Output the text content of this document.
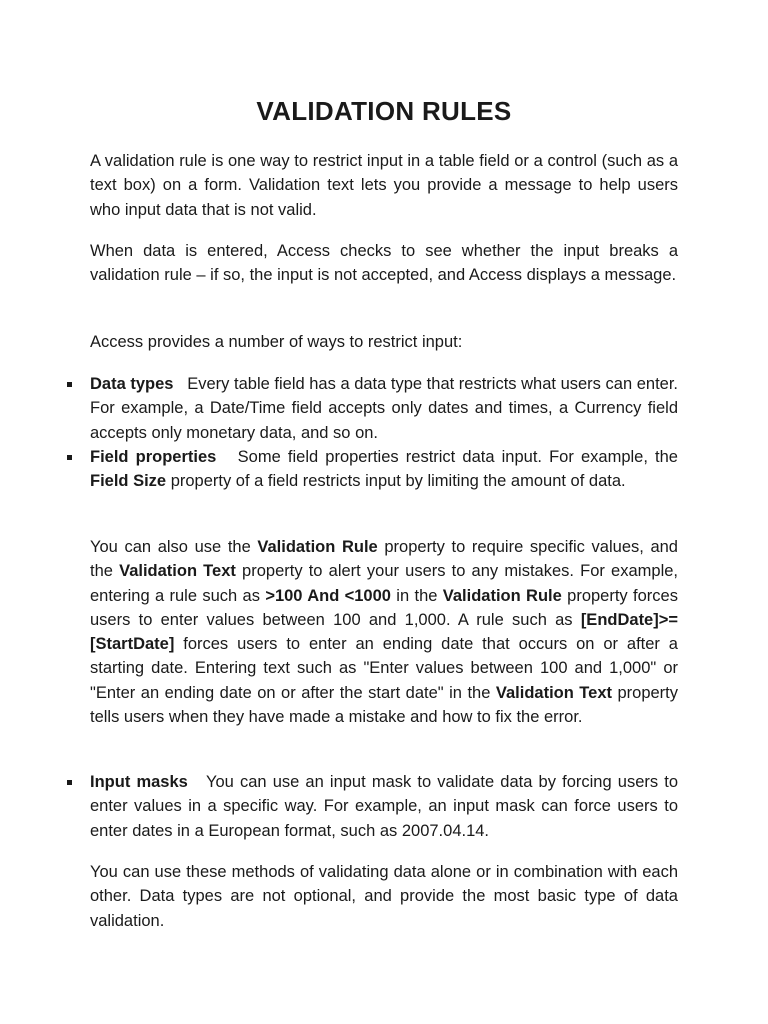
VALIDATION RULES

A validation rule is one way to restrict input in a table field or a control (such as a text box) on a form. Validation text lets you provide a message to help users who input data that is not valid.

When data is entered, Access checks to see whether the input breaks a validation rule – if so, the input is not accepted, and Access displays a message.

Access provides a number of ways to restrict input:

Data types Every table field has a data type that restricts what users can enter. For example, a Date/Time field accepts only dates and times, a Currency field accepts only monetary data, and so on.
Field properties Some field properties restrict data input. For example, the Field Size property of a field restricts input by limiting the amount of data.

You can also use the Validation Rule property to require specific values, and the Validation Text property to alert your users to any mistakes. For example, entering a rule such as >100 And <1000 in the Validation Rule property forces users to enter values between 100 and 1,000. A rule such as [EndDate]>=[StartDate] forces users to enter an ending date that occurs on or after a starting date. Entering text such as "Enter values between 100 and 1,000" or "Enter an ending date on or after the start date" in the Validation Text property tells users when they have made a mistake and how to fix the error.

Input masks You can use an input mask to validate data by forcing users to enter values in a specific way. For example, an input mask can force users to enter dates in a European format, such as 2007.04.14.

You can use these methods of validating data alone or in combination with each other. Data types are not optional, and provide the most basic type of data validation.
